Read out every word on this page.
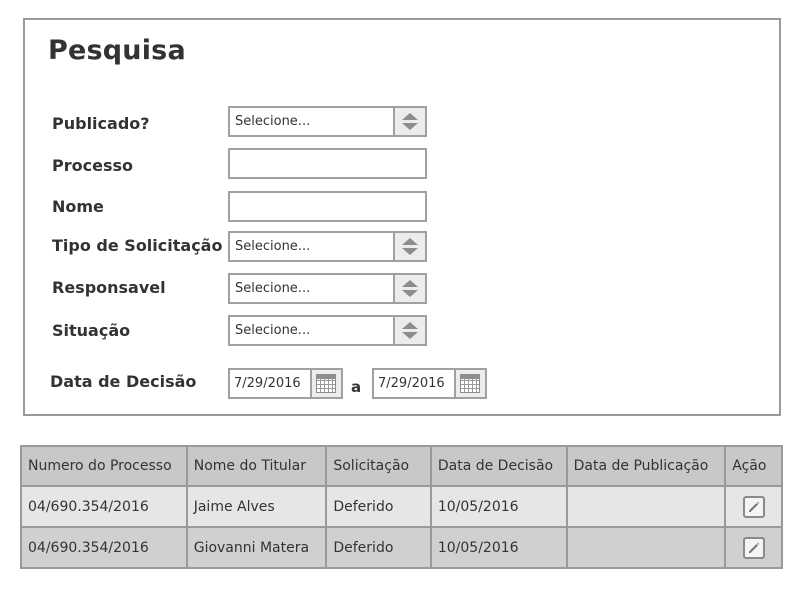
Pesquisa
Publicado?	Selecione...
Processo
Nome
Tipo de Solicitação Selecione...
Responsavel	Selecione...
Situação	Selecione...
Data de Decisão	7/29/2016	a 7/29/2016
Numero do Processo	Nome do Titular	Solicitação	Data de Decisão	Data de Publicação	Ação
04/690.354/2016	Jaime Alves	Deferido	10/05/2016		

04/690.354/2016	Giovanni Matera	Deferido	10/05/2016		
